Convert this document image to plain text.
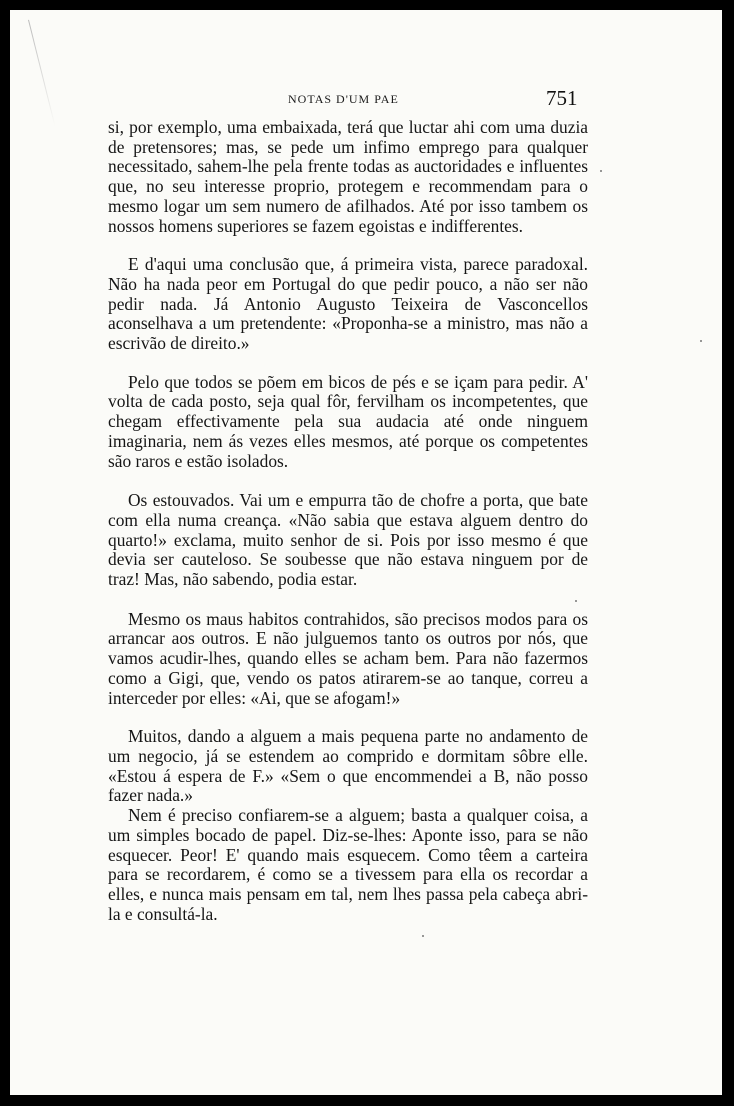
NOTAS D'UM PAE	751

si, por exemplo, uma embaixada, terá que luctar ahi com uma duzia de pretensores; mas, se pede um infimo emprego para qualquer necessitado, sahem-lhe pela frente todas as auctoridades e influentes que, no seu interesse proprio, protegem e recommendam para o mesmo logar um sem numero de afilhados. Até por isso tambem os nossos homens superiores se fazem egoistas e indifferentes.

E d'aqui uma conclusão que, á primeira vista, parece paradoxal. Não ha nada peor em Portugal do que pedir pouco, a não ser não pedir nada. Já Antonio Augusto Teixeira de Vasconcellos aconselhava a um pretendente: «Proponha-se a ministro, mas não a escrivão de direito.»

Pelo que todos se põem em bicos de pés e se içam para pedir. A' volta de cada posto, seja qual fôr, fervilham os incompetentes, que chegam effectivamente pela sua audacia até onde ninguem imaginaria, nem ás vezes elles mesmos, até porque os competentes são raros e estão isolados.

Os estouvados. Vai um e empurra tão de chofre a porta, que bate com ella numa creança. «Não sabia que estava alguem dentro do quarto!» exclama, muito senhor de si. Pois por isso mesmo é que devia ser cauteloso. Se soubesse que não estava ninguem por de traz! Mas, não sabendo, podia estar.

Mesmo os maus habitos contrahidos, são precisos modos para os arrancar aos outros. E não julguemos tanto os outros por nós, que vamos acudir-lhes, quando elles se acham bem. Para não fazermos como a Gigi, que, vendo os patos atirarem-se ao tanque, correu a interceder por elles: «Ai, que se afogam!»

Muitos, dando a alguem a mais pequena parte no andamento de um negocio, já se estendem ao comprido e dormitam sôbre elle. «Estou á espera de F.» «Sem o que encommendei a B, não posso fazer nada.»

Nem é preciso confiarem-se a alguem; basta a qualquer coisa, a um simples bocado de papel. Diz-se-lhes: Aponte isso, para se não esquecer. Peor! E' quando mais esquecem. Como têem a carteira para se recordarem, é como se a tivessem para ella os recordar a elles, e nunca mais pensam em tal, nem lhes passa pela cabeça abri-la e consultá-la.
